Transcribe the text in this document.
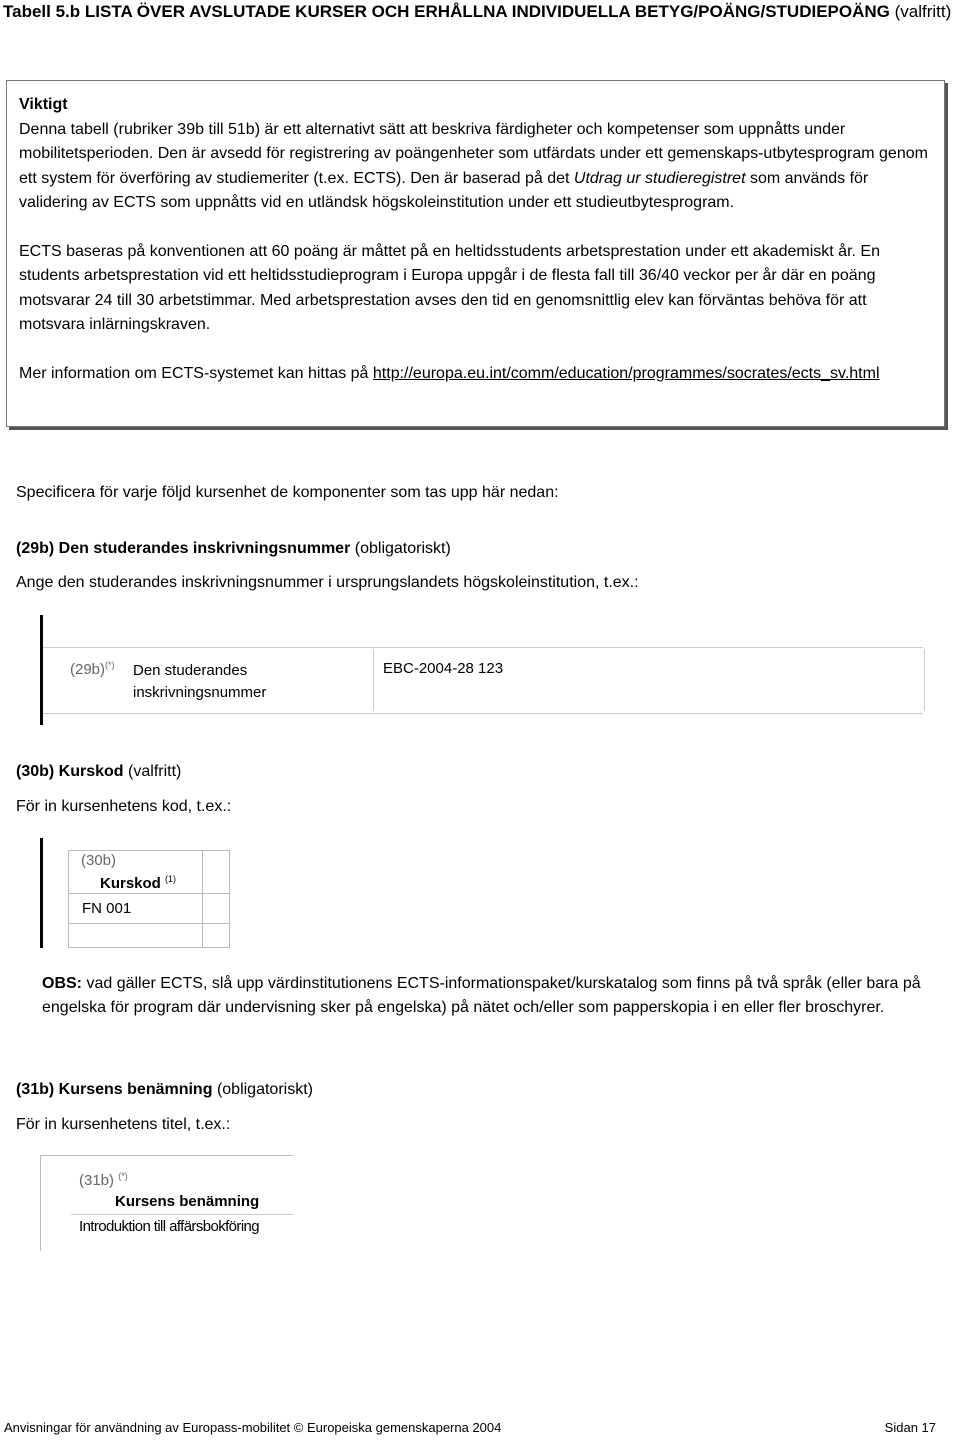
Tabell 5.b LISTA ÖVER AVSLUTADE KURSER OCH ERHÅLLNA INDIVIDUELLA BETYG/POÄNG/STUDIEPOÄNG (valfritt)

Viktigt

Denna tabell (rubriker 39b till 51b) är ett alternativt sätt att beskriva färdigheter och kompetenser som uppnåtts under mobilitetsperioden. Den är avsedd för registrering av poängenheter som utfärdats under ett gemenskaps-utbytesprogram genom ett system för överföring av studiemeriter (t.ex. ECTS). Den är baserad på det Utdrag ur studieregistret som används för validering av ECTS som uppnåtts vid en utländsk högskoleinstitution under ett studieutbytesprogram.

ECTS baseras på konventionen att 60 poäng är måttet på en heltidsstudents arbetsprestation under ett akademiskt år. En students arbetsprestation vid ett heltidsstudieprogram i Europa uppgår i de flesta fall till 36/40 veckor per år där en poäng motsvarar 24 till 30 arbetstimmar. Med arbetsprestation avses den tid en genomsnittlig elev kan förväntas behöva för att motsvara inlärningskraven.

Mer information om ECTS-systemet kan hittas på http://europa.eu.int/comm/education/programmes/socrates/ects_sv.html

Specificera för varje följd kursenhet de komponenter som tas upp här nedan:
(29b) Den studerandes inskrivningsnummer (obligatoriskt)
Ange den studerandes inskrivningsnummer i ursprungslandets högskoleinstitution, t.ex.:
(29b)(*) Den studerandes
inskrivningsnummer
EBC-2004-28 123
(30b) Kurskod (valfritt)
För in kursenhetens kod, t.ex.:
(30b)
Kurskod $^{(1)}$
FN 001
OBS: vad gäller ECTS, slå upp värdinstitutionens ECTS-informationspaket/kurskatalog som finns på två språk (eller bara på engelska för program där undervisning sker på engelska) på nätet och/eller som papperskopia i en eller fler broschyrer.
(31b) Kursens benämning (obligatoriskt)
För in kursenhetens titel, t.ex.:
(31b) (*)
Kursens benämning
Introduktion till affärsbokföring
Anvisningar för användning av Europass-mobilitet © Europeiska gemenskaperna 2004	Sidan 17
